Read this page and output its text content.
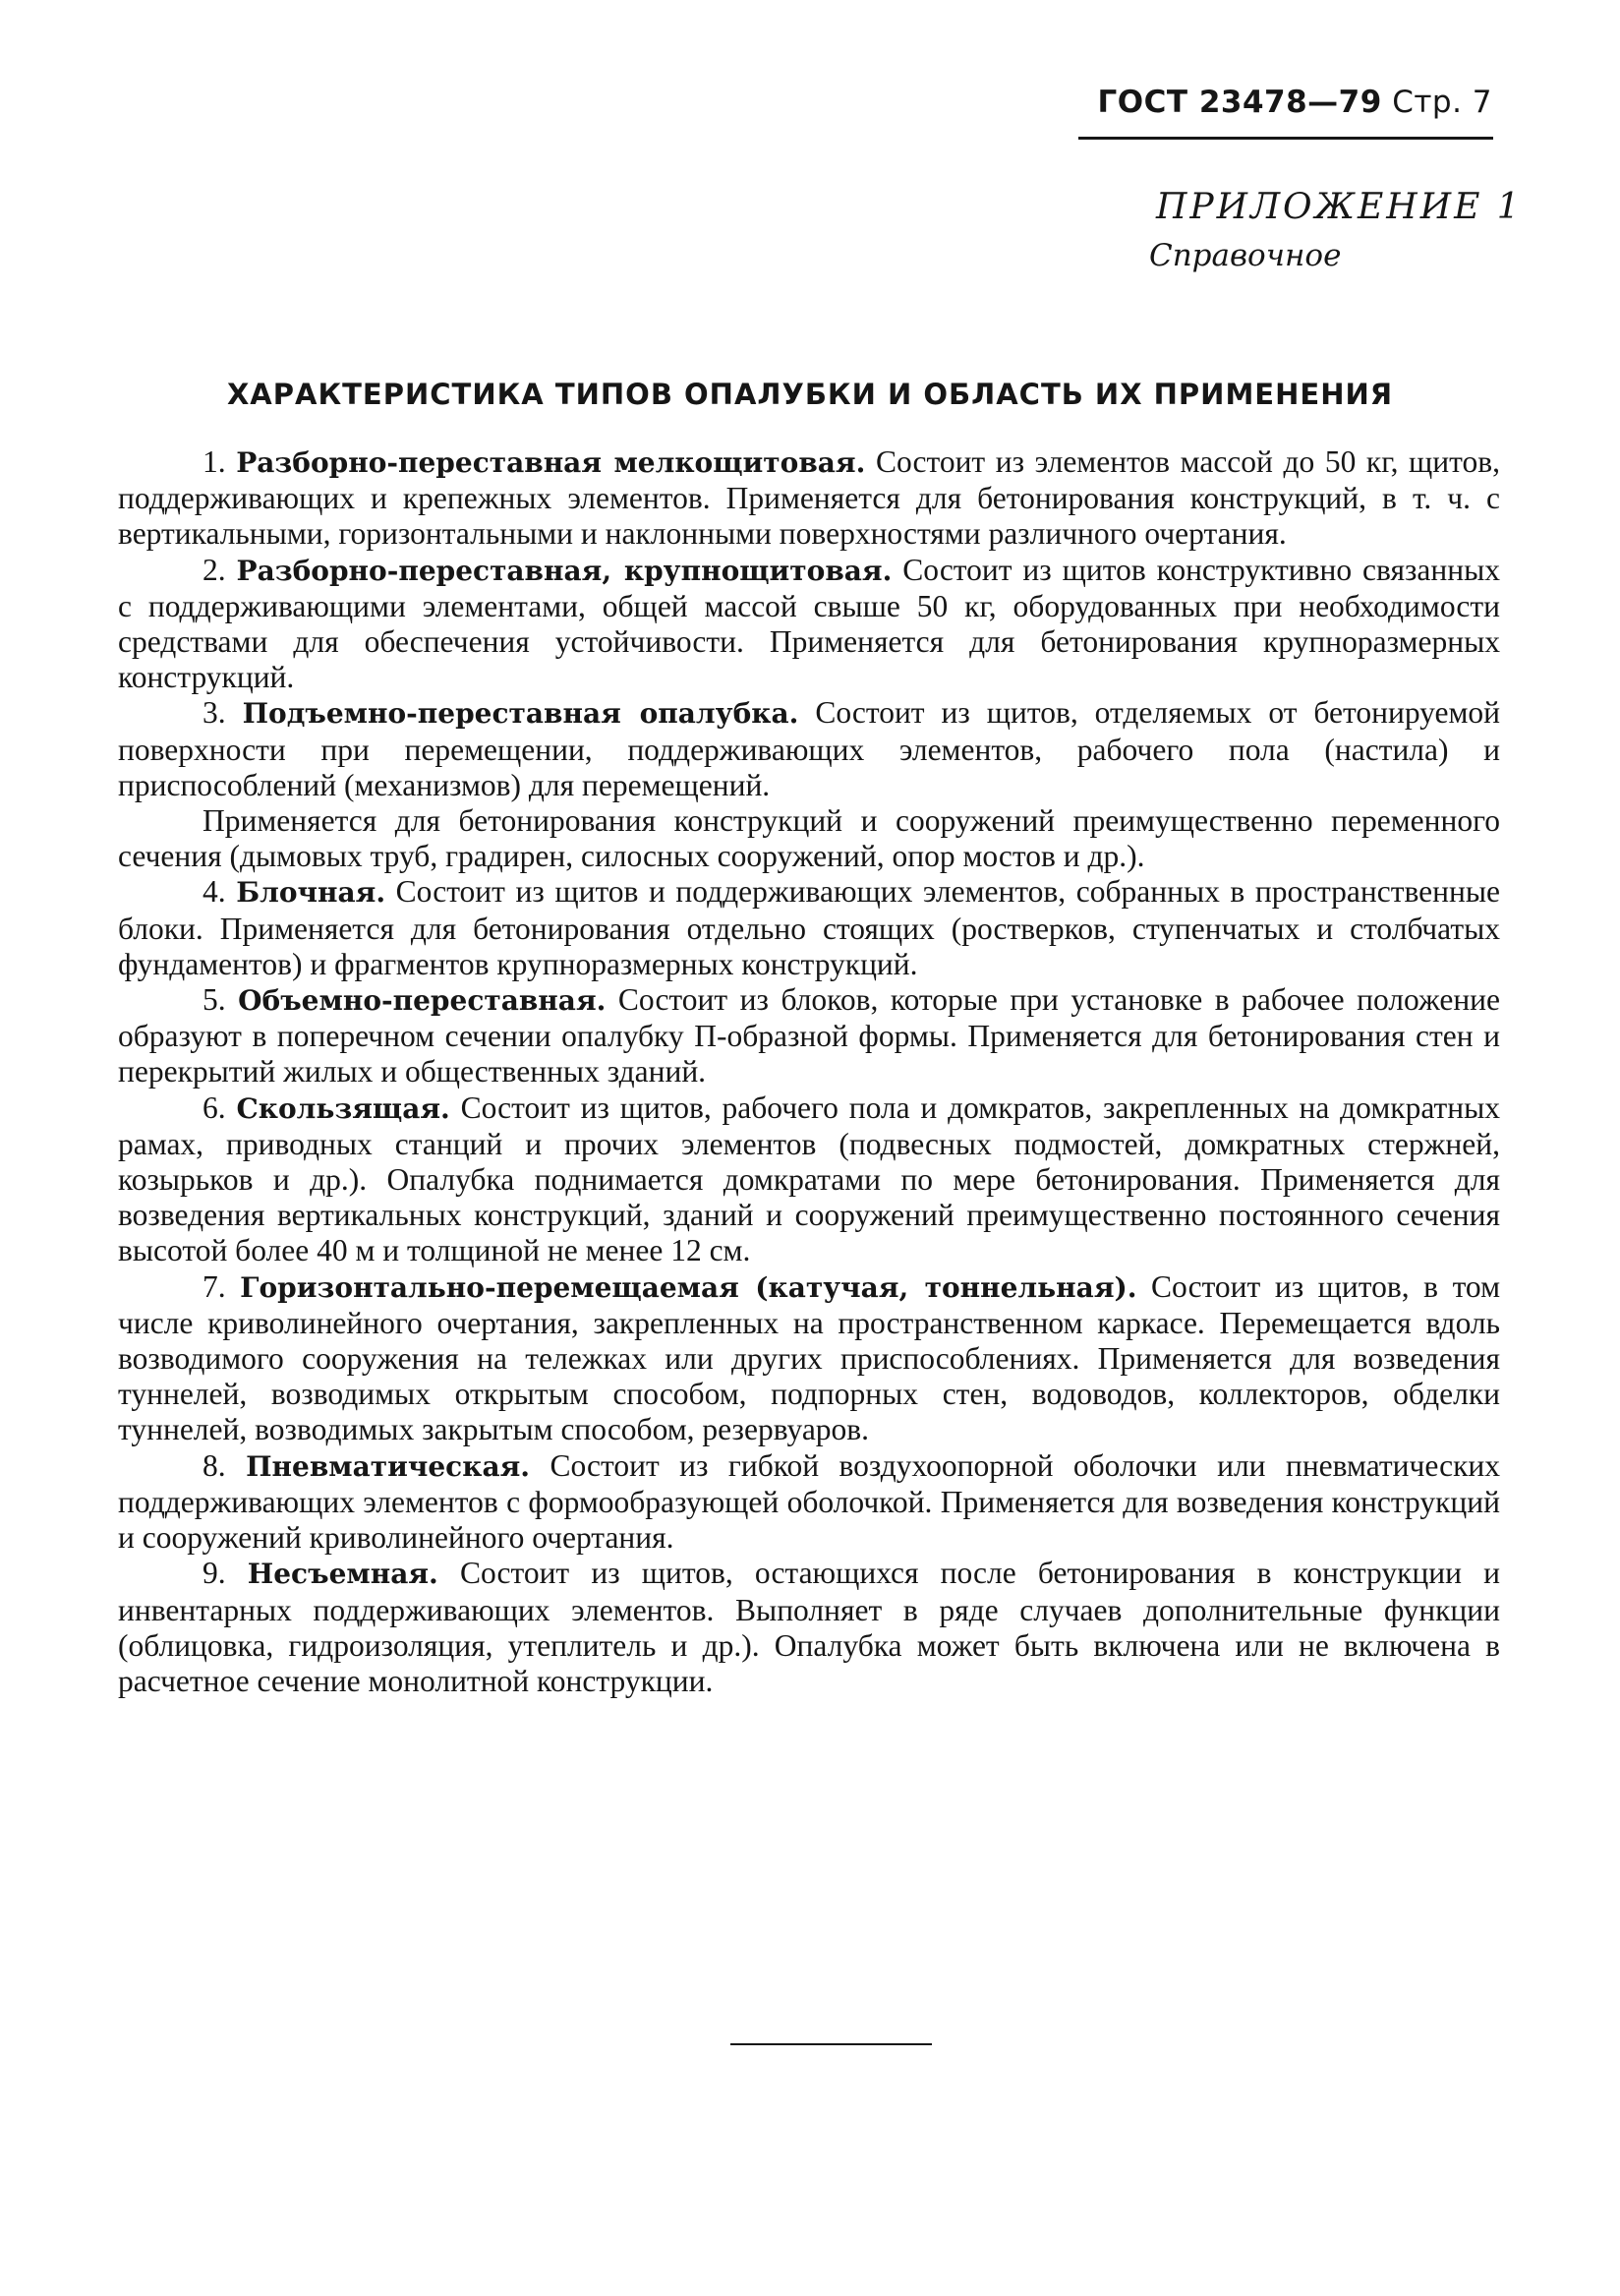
ГОСТ 23478—79 Стр. 7
ПРИЛОЖЕНИЕ 1
Справочное
ХАРАКТЕРИСТИКА ТИПОВ ОПАЛУБКИ И ОБЛАСТЬ ИХ ПРИМЕНЕНИЯ

1. Разборно-переставная мелкощитовая. Состоит из элементов массой до 50 кг, щитов, поддерживающих и крепежных элементов. Применяется для бетонирования конструкций, в т. ч. с вертикальными, горизонтальными и наклонными поверхностями различного очертания.

2. Разборно-переставная, крупнощитовая. Состоит из щитов конструктивно связанных с поддерживающими элементами, общей массой свыше 50 кг, оборудованных при необходимости средствами для обеспечения устойчивости. Применяется для бетонирования крупноразмерных конструкций.

3. Подъемно-переставная опалубка. Состоит из щитов, отделяемых от бетонируемой поверхности при перемещении, поддерживающих элементов, рабочего пола (настила) и приспособлений (механизмов) для перемещений.

Применяется для бетонирования конструкций и сооружений преимущественно переменного сечения (дымовых труб, градирен, силосных сооружений, опор мостов и др.).

4. Блочная. Состоит из щитов и поддерживающих элементов, собранных в пространственные блоки. Применяется для бетонирования отдельно стоящих (ростверков, ступенчатых и столбчатых фундаментов) и фрагментов крупноразмерных конструкций.

5. Объемно-переставная. Состоит из блоков, которые при установке в рабочее положение образуют в поперечном сечении опалубку П-образной формы. Применяется для бетонирования стен и перекрытий жилых и общественных зданий.

6. Скользящая. Состоит из щитов, рабочего пола и домкратов, закрепленных на домкратных рамах, приводных станций и прочих элементов (подвесных подмостей, домкратных стержней, козырьков и др.). Опалубка поднимается домкратами по мере бетонирования. Применяется для возведения вертикальных конструкций, зданий и сооружений преимущественно постоянного сечения высотой более 40 м и толщиной не менее 12 см.

7. Горизонтально-перемещаемая (катучая, тоннельная). Состоит из щитов, в том числе криволинейного очертания, закрепленных на пространственном каркасе. Перемещается вдоль возводимого сооружения на тележках или других приспособлениях. Применяется для возведения туннелей, возводимых открытым способом, подпорных стен, водоводов, коллекторов, обделки туннелей, возводимых закрытым способом, резервуаров.

8. Пневматическая. Состоит из гибкой воздухоопорной оболочки или пневматических поддерживающих элементов с формообразующей оболочкой. Применяется для возведения конструкций и сооружений криволинейного очертания.

9. Несъемная. Состоит из щитов, остающихся после бетонирования в конструкции и инвентарных поддерживающих элементов. Выполняет в ряде случаев дополнительные функции (облицовка, гидроизоляция, утеплитель и др.). Опалубка может быть включена или не включена в расчетное сечение монолитной конструкции.
